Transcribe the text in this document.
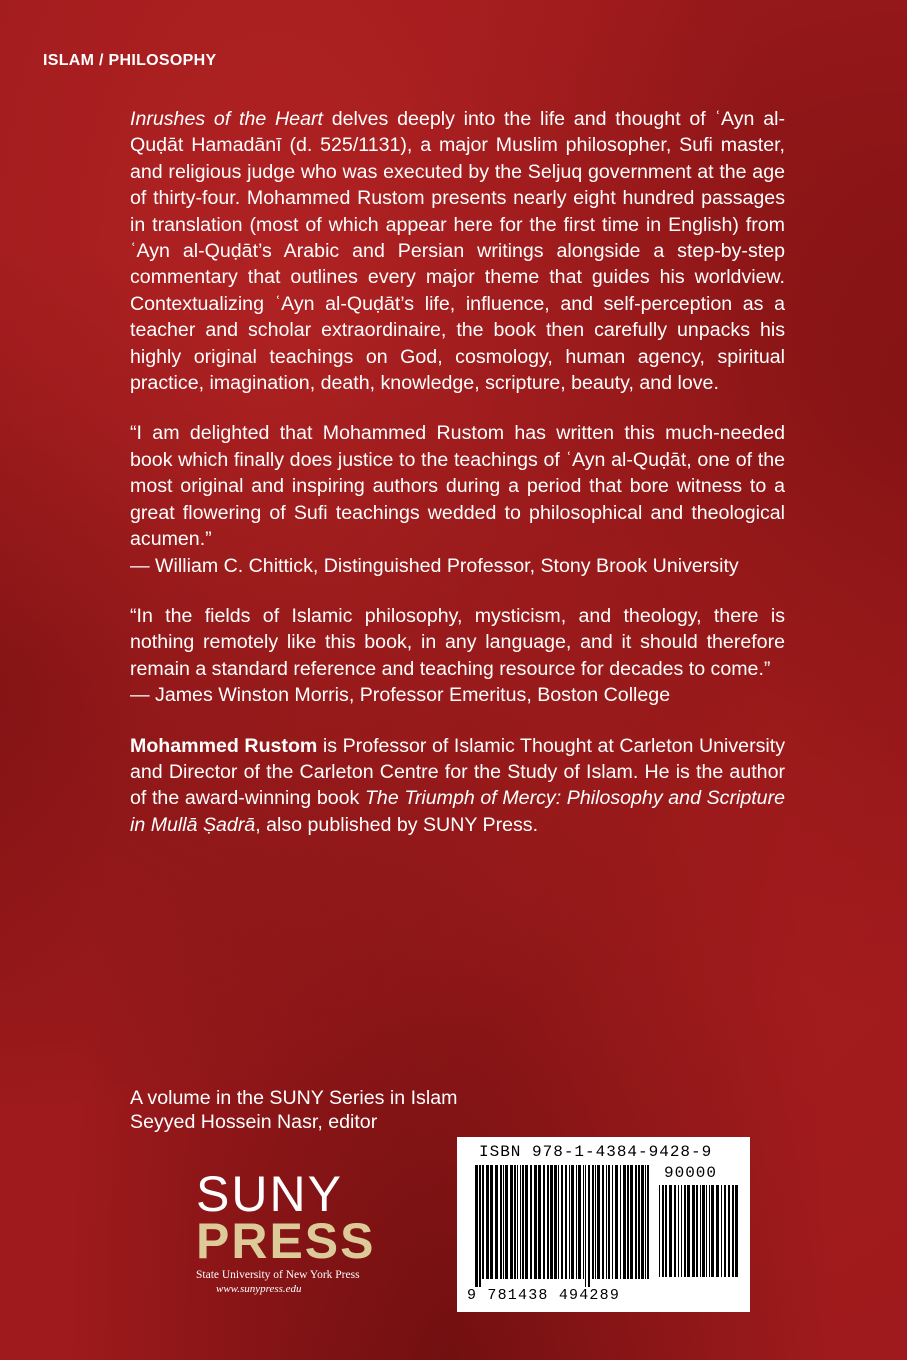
ISLAM / PHILOSOPHY

Inrushes of the Heart delves deeply into the life and thought of ʿAyn al-Quḍāt Hamadānī (d. 525/1131), a major Muslim philosopher, Sufi master, and religious judge who was executed by the Seljuq government at the age of thirty-four. Mohammed Rustom presents nearly eight hundred passages in translation (most of which appear here for the first time in English) from ʿAyn al-Quḍāt’s Arabic and Persian writings alongside a step-by-step commentary that outlines every major theme that guides his worldview. Contextualizing ʿAyn al-Quḍāt’s life, influence, and self-perception as a teacher and scholar extraordinaire, the book then carefully unpacks his highly original teachings on God, cosmology, human agency, spiritual practice, imagination, death, knowledge, scripture, beauty, and love.

“I am delighted that Mohammed Rustom has written this much-needed book which finally does justice to the teachings of ʿAyn al-Quḍāt, one of the most original and inspiring authors during a period that bore witness to a great flowering of Sufi teachings wedded to philosophical and theological acumen.”

— William C. Chittick, Distinguished Professor, Stony Brook University

“In the fields of Islamic philosophy, mysticism, and theology, there is nothing remotely like this book, in any language, and it should therefore remain a standard reference and teaching resource for decades to come.”

— James Winston Morris, Professor Emeritus, Boston College

Mohammed Rustom is Professor of Islamic Thought at Carleton University and Director of the Carleton Centre for the Study of Islam. He is the author of the award-winning book The Triumph of Mercy: Philosophy and Scripture in Mullā Ṣadrā, also published by SUNY Press.

A volume in the SUNY Series in Islam
Seyyed Hossein Nasr, editor
SUNY
PRESS
State University of New York Press
www.sunypress.edu
ISBN 978-1-4384-9428-9
90000
9 781438 494289
